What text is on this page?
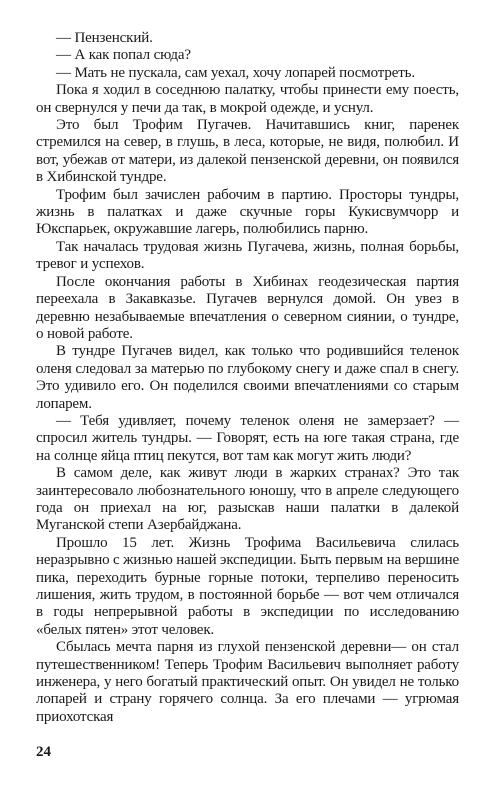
— Пензенский.

— А как попал сюда?

— Мать не пускала, сам уехал, хочу лопарей посмотреть.

Пока я ходил в соседнюю палатку, чтобы принести ему поесть, он свернулся у печи да так, в мокрой одежде, и уснул.

Это был Трофим Пугачев. Начитавшись книг, паренек стремился на север, в глушь, в леса, которые, не видя, полюбил. И вот, убежав от матери, из далекой пензенской деревни, он появился в Хибинской тундре.

Трофим был зачислен рабочим в партию. Просторы тундры, жизнь в палатках и даже скучные горы Кукисвумчорр и Юкспарьек, окружавшие лагерь, полюбились парню.

Так началась трудовая жизнь Пугачева, жизнь, полная борьбы, тревог и успехов.

После окончания работы в Хибинах геодезическая партия переехала в Закавказье. Пугачев вернулся домой. Он увез в деревню незабываемые впечатления о северном сиянии, о тундре, о новой работе.

В тундре Пугачев видел, как только что родившийся теленок оленя следовал за матерью по глубокому снегу и даже спал в снегу. Это удивило его. Он поделился своими впечатлениями со старым лопарем.

— Тебя удивляет, почему теленок оленя не замерзает? — спросил житель тундры. — Говорят, есть на юге такая страна, где на солнце яйца птиц пекутся, вот там как могут жить люди?

В самом деле, как живут люди в жарких странах? Это так заинтересовало любознательного юношу, что в апреле следующего года он приехал на юг, разыскав наши палатки в далекой Муганской степи Азербайджана.

Прошло 15 лет. Жизнь Трофима Васильевича слилась неразрывно с жизнью нашей экспедиции. Быть первым на вершине пика, переходить бурные горные потоки, терпеливо переносить лишения, жить трудом, в постоянной борьбе — вот чем отличался в годы непрерывной работы в экспедиции по исследованию «белых пятен» этот человек.

Сбылась мечта парня из глухой пензенской деревни— он стал путешественником! Теперь Трофим Васильевич выполняет работу инженера, у него богатый практический опыт. Он увидел не только лопарей и страну горячего солнца. За его плечами — угрюмая приохотская

24
